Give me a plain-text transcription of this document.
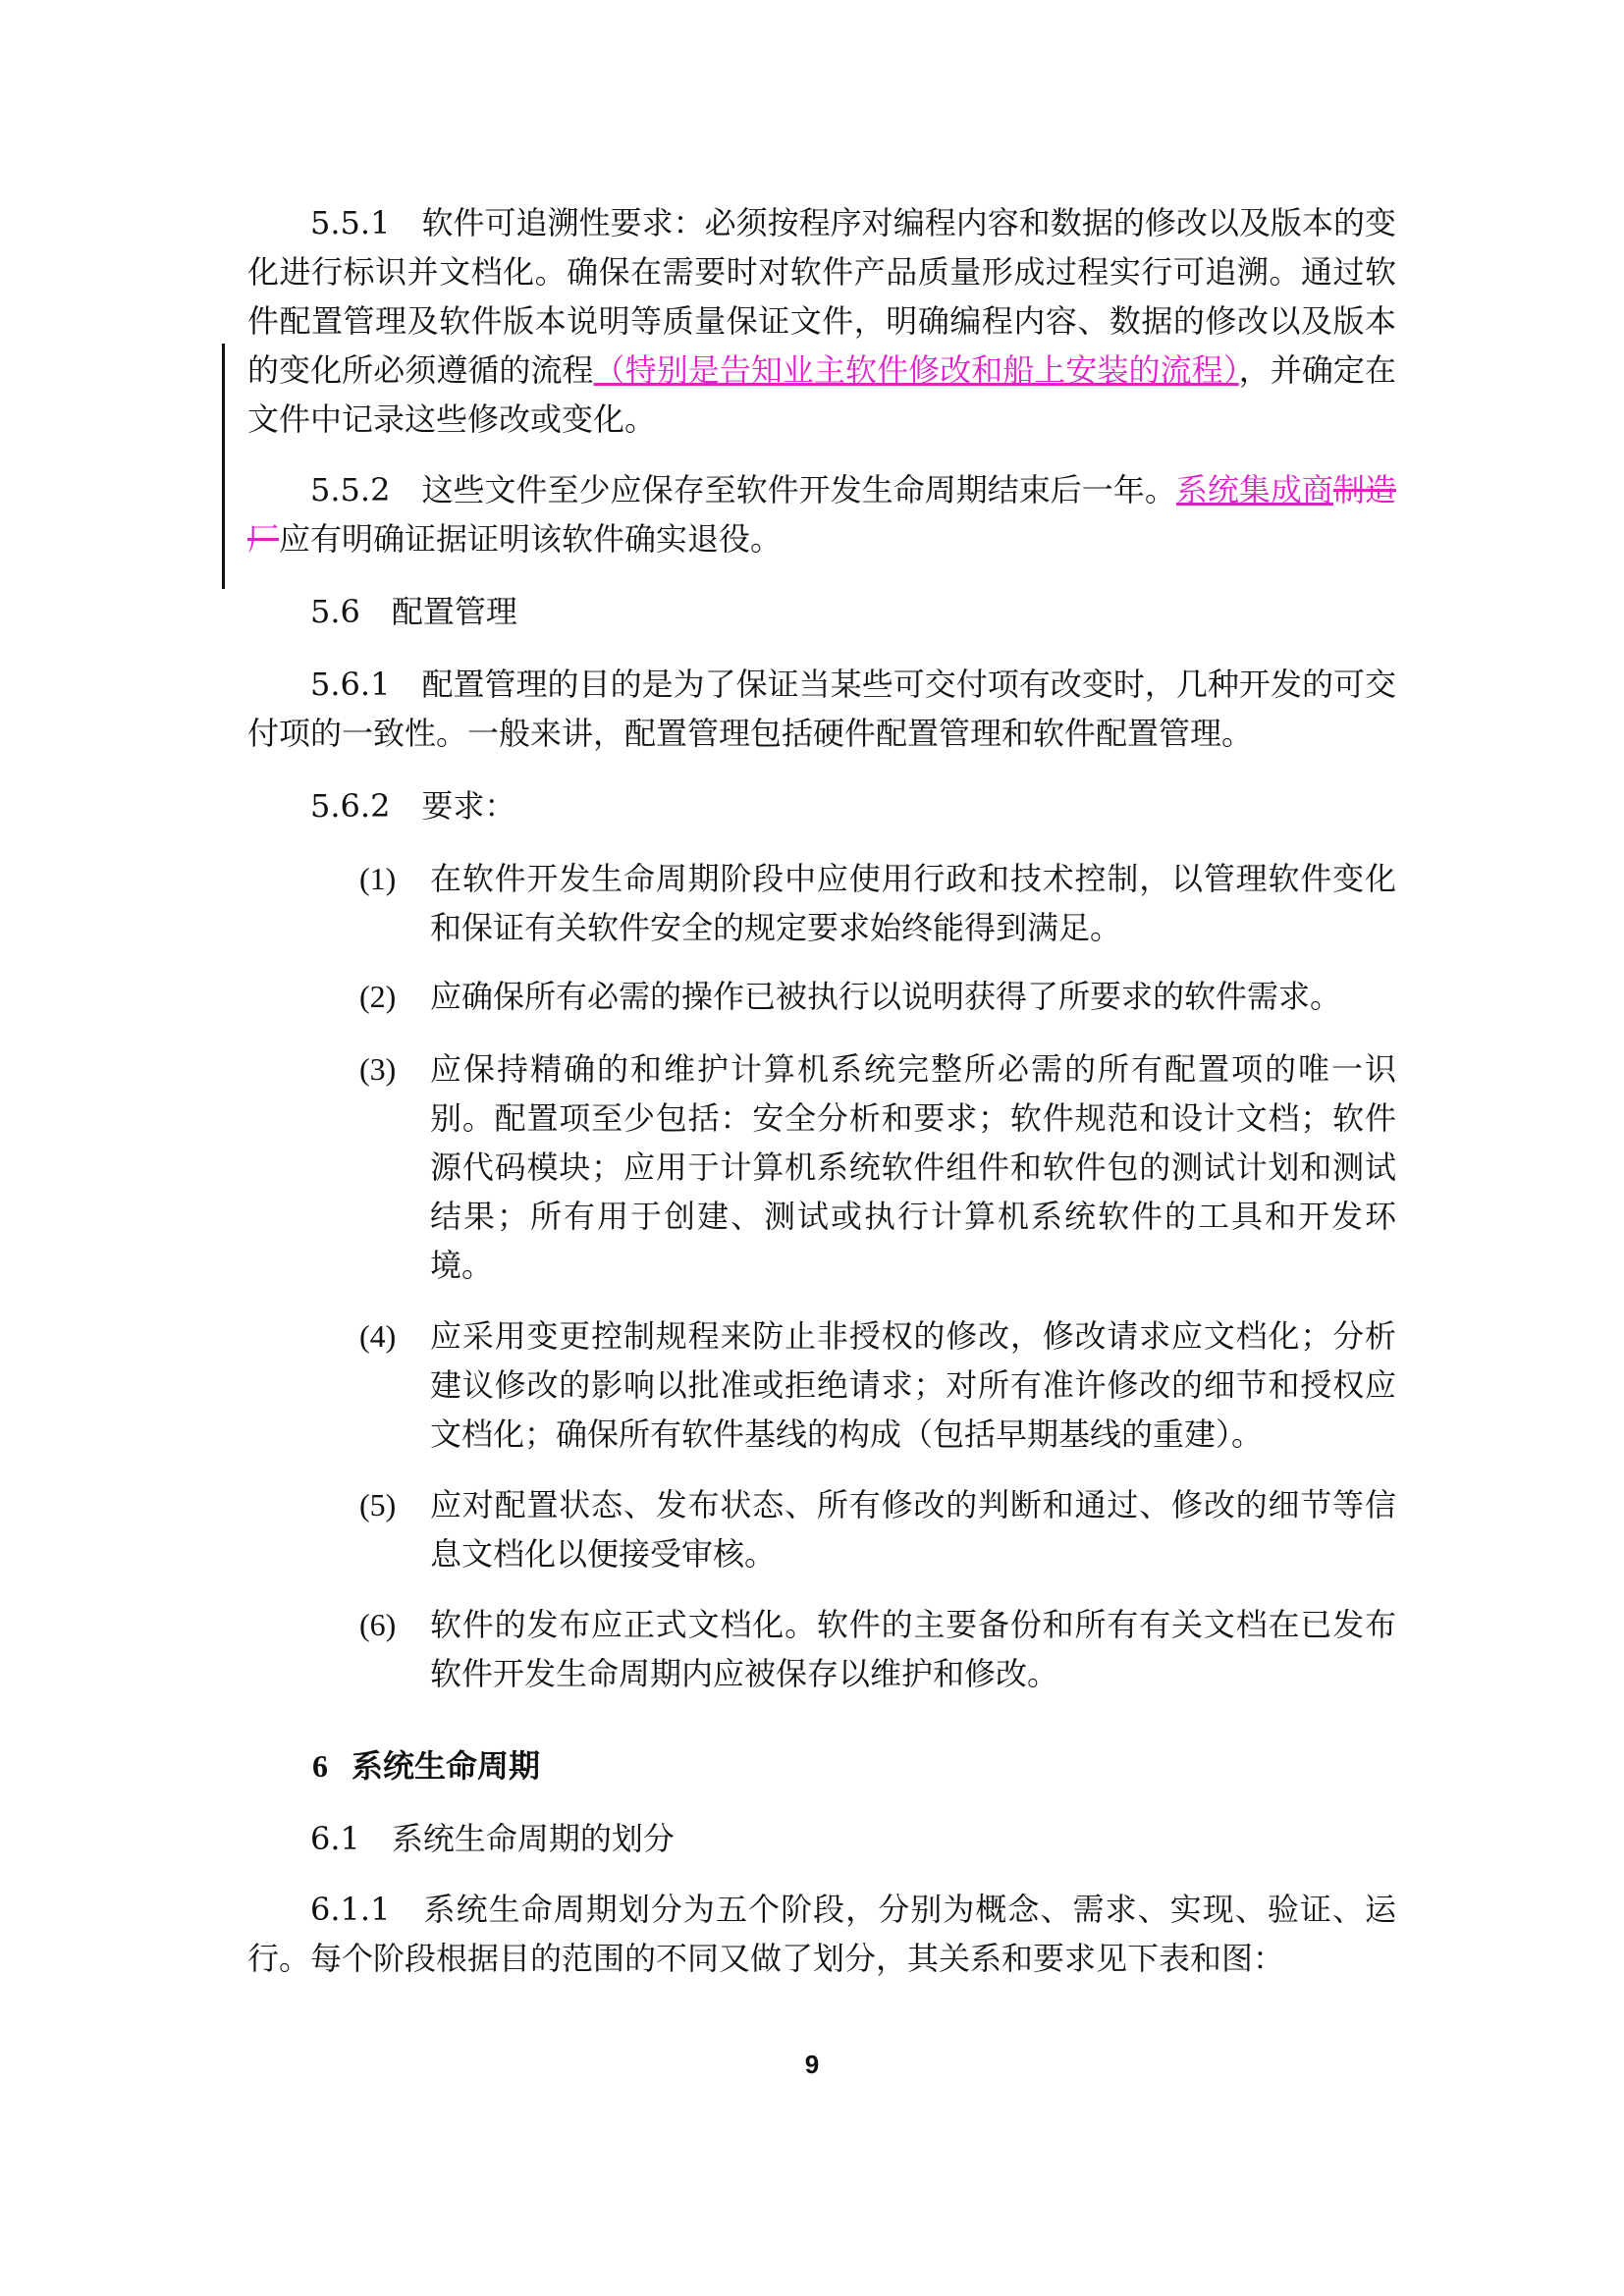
5.5.1　软件可追溯性要求：必须按程序对编程内容和数据的修改以及版本的变化进行标识并文档化。确保在需要时对软件产品质量形成过程实行可追溯。通过软件配置管理及软件版本说明等质量保证文件，明确编程内容、数据的修改以及版本的变化所必须遵循的流程（特别是告知业主软件修改和船上安装的流程），并确定在文件中记录这些修改或变化。

5.5.2　这些文件至少应保存至软件开发生命周期结束后一年。系统集成商制造厂应有明确证据证明该软件确实退役。

5.6　配置管理

5.6.1　配置管理的目的是为了保证当某些可交付项有改变时，几种开发的可交付项的一致性。一般来讲，配置管理包括硬件配置管理和软件配置管理。

5.6.2　要求：

(1) 在软件开发生命周期阶段中应使用行政和技术控制，以管理软件变化和保证有关软件安全的规定要求始终能得到满足。
(2) 应确保所有必需的操作已被执行以说明获得了所要求的软件需求。
(3) 应保持精确的和维护计算机系统完整所必需的所有配置项的唯一识别。配置项至少包括：安全分析和要求；软件规范和设计文档；软件源代码模块；应用于计算机系统软件组件和软件包的测试计划和测试结果；所有用于创建、测试或执行计算机系统软件的工具和开发环境。
(4) 应采用变更控制规程来防止非授权的修改，修改请求应文档化；分析建议修改的影响以批准或拒绝请求；对所有准许修改的细节和授权应文档化；确保所有软件基线的构成（包括早期基线的重建）。
(5) 应对配置状态、发布状态、所有修改的判断和通过、修改的细节等信息文档化以便接受审核。
(6) 软件的发布应正式文档化。软件的主要备份和所有有关文档在已发布软件开发生命周期内应被保存以维护和修改。

6 系统生命周期

6.1　系统生命周期的划分

6.1.1　系统生命周期划分为五个阶段，分别为概念、需求、实现、验证、运行。每个阶段根据目的范围的不同又做了划分，其关系和要求见下表和图：

9
